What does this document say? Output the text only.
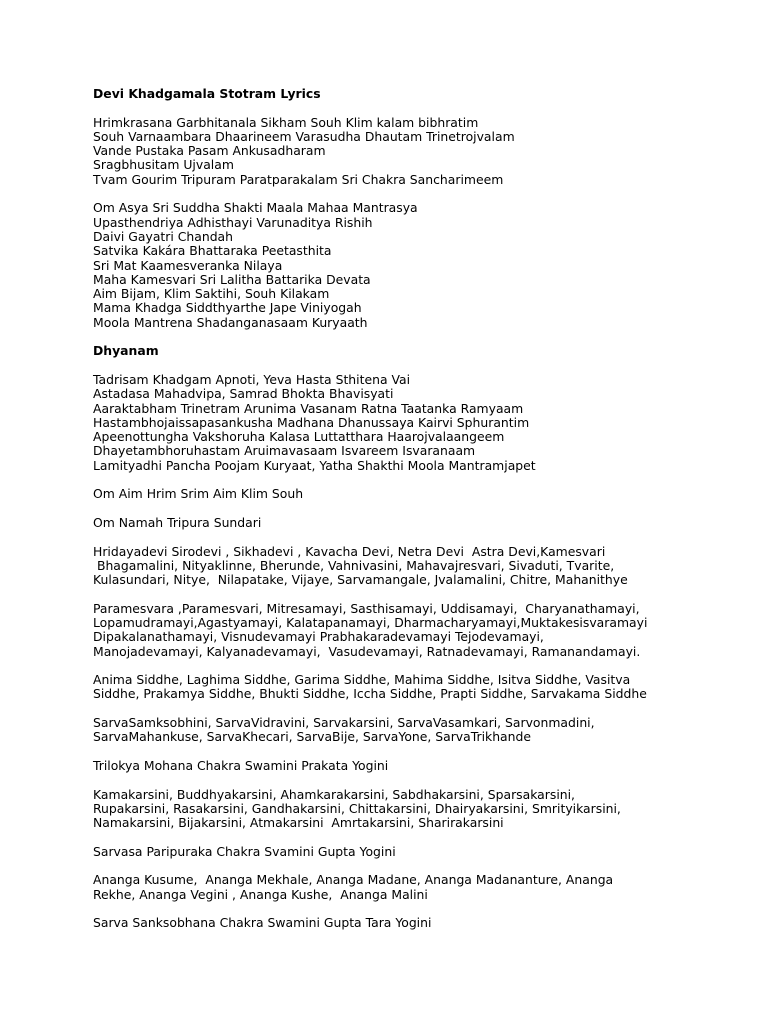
Devi Khadgamala Stotram Lyrics

Hrimkrasana Garbhitanala Sikham Souh Klim kalam bibhratim

Souh Varnaambara Dhaarineem Varasudha Dhautam Trinetrojvalam

Vande Pustaka Pasam Ankusadharam

Sragbhusitam Ujvalam

Tvam Gourim Tripuram Paratparakalam Sri Chakra Sancharimeem

Om Asya Sri Suddha Shakti Maala Mahaa Mantrasya

Upasthendriya Adhisthayi Varunaditya Rishih

Daivi Gayatri Chandah

Satvika Kakára Bhattaraka Peetasthita

Sri Mat Kaamesveranka Nilaya

Maha Kamesvari Sri Lalitha Battarika Devata

Aim Bijam, Klim Saktihi, Souh Kilakam

Mama Khadga Siddthyarthe Jape Viniyogah

Moola Mantrena Shadanganasaam Kuryaath

Dhyanam

Tadrisam Khadgam Apnoti, Yeva Hasta Sthitena Vai

Astadasa Mahadvipa, Samrad Bhokta Bhavisyati

Aaraktabham Trinetram Arunima Vasanam Ratna Taatanka Ramyaam

Hastambhojaissapasankusha Madhana Dhanussaya Kairvi Sphurantim

Apeenottungha Vakshoruha Kalasa Luttatthara Haarojvalaangeem

Dhayetambhoruhastam Aruimavasaam Isvareem Isvaranaam

Lamityadhi Pancha Poojam Kuryaat, Yatha Shakthi Moola Mantramjapet

Om Aim Hrim Srim Aim Klim Souh

Om Namah Tripura Sundari

Hridayadevi Sirodevi , Sikhadevi , Kavacha Devi, Netra Devi  Astra Devi,Kamesvari

Bhagamalini, Nityaklinne, Bherunde, Vahnivasini, Mahavajresvari, Sivaduti, Tvarite,

Kulasundari, Nitye,  Nilapatake, Vijaye, Sarvamangale, Jvalamalini, Chitre, Mahanithye

Paramesvara ,Paramesvari, Mitresamayi, Sasthisamayi, Uddisamayi,  Charyanathamayi,

Lopamudramayi,Agastyamayi, Kalatapanamayi, Dharmacharyamayi,Muktakesisvaramayi

Dipakalanathamayi, Visnudevamayi Prabhakaradevamayi Tejodevamayi,

Manojadevamayi, Kalyanadevamayi,  Vasudevamayi, Ratnadevamayi, Ramanandamayi.

Anima Siddhe, Laghima Siddhe, Garima Siddhe, Mahima Siddhe, Isitva Siddhe, Vasitva

Siddhe, Prakamya Siddhe, Bhukti Siddhe, Iccha Siddhe, Prapti Siddhe, Sarvakama Siddhe

SarvaSamksobhini, SarvaVidravini, Sarvakarsini, SarvaVasamkari, Sarvonmadini,

SarvaMahankuse, SarvaKhecari, SarvaBije, SarvaYone, SarvaTrikhande

Trilokya Mohana Chakra Swamini Prakata Yogini

Kamakarsini, Buddhyakarsini, Ahamkarakarsini, Sabdhakarsini, Sparsakarsini,

Rupakarsini, Rasakarsini, Gandhakarsini, Chittakarsini, Dhairyakarsini, Smrityikarsini,

Namakarsini, Bijakarsini, Atmakarsini  Amrtakarsini, Sharirakarsini

Sarvasa Paripuraka Chakra Svamini Gupta Yogini

Ananga Kusume,  Ananga Mekhale, Ananga Madane, Ananga Madananture, Ananga

Rekhe, Ananga Vegini , Ananga Kushe,  Ananga Malini

Sarva Sanksobhana Chakra Swamini Gupta Tara Yogini
